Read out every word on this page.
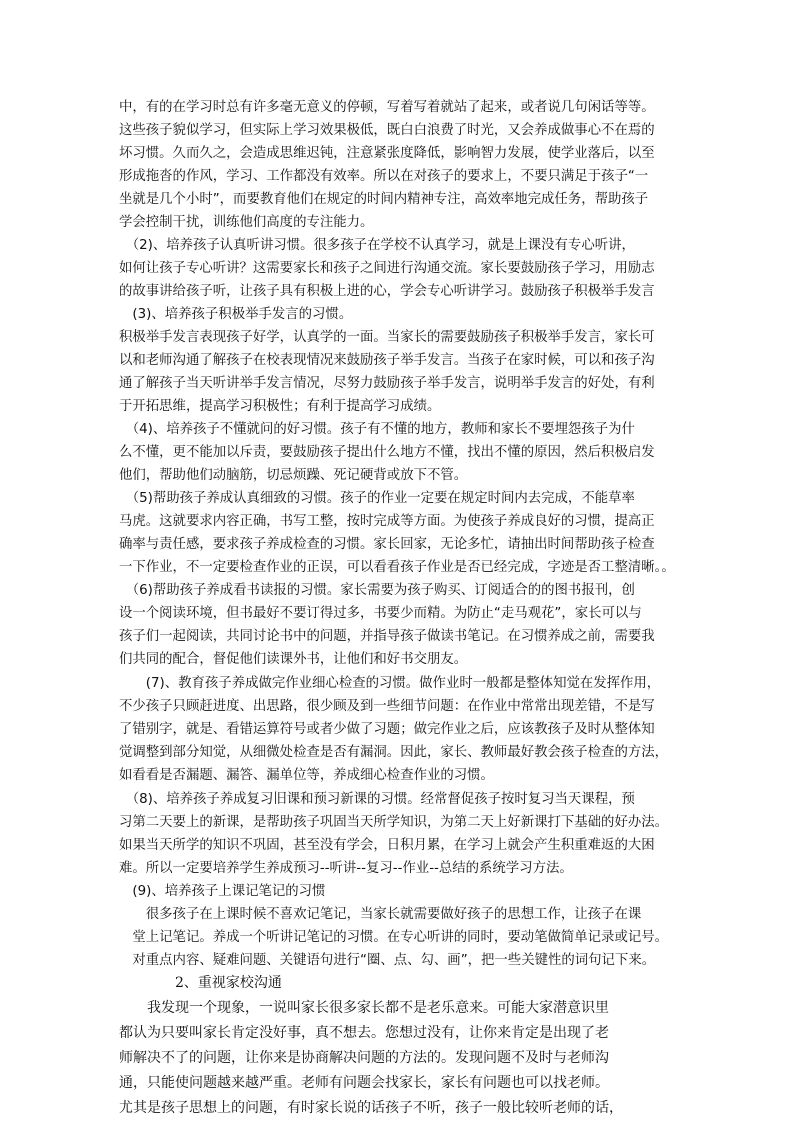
中，有的在学习时总有许多毫无意义的停顿，写着写着就站了起来，或者说几句闲话等等。
这些孩子貌似学习，但实际上学习效果极低，既白白浪费了时光，又会养成做事心不在焉的
坏习惯。久而久之，会造成思维迟钝，注意紧张度降低，影响智力发展，使学业落后，以至
形成拖沓的作风，学习、工作都没有效率。所以在对孩子的要求上，不要只满足于孩子“一
坐就是几个小时”，而要教育他们在规定的时间内精神专注，高效率地完成任务，帮助孩子
学会控制干扰，训练他们高度的专注能力。
　（2)、培养孩子认真听讲习惯。很多孩子在学校不认真学习，就是上课没有专心听讲，
如何让孩子专心听讲？这需要家长和孩子之间进行沟通交流。家长要鼓励孩子学习，用励志
的故事讲给孩子听，让孩子具有积极上进的心，学会专心听讲学习。鼓励孩子积极举手发言
　(3)、培养孩子积极举手发言的习惯。
积极举手发言表现孩子好学，认真学的一面。当家长的需要鼓励孩子积极举手发言，家长可
以和老师沟通了解孩子在校表现情况来鼓励孩子举手发言。当孩子在家时候，可以和孩子沟
通了解孩子当天听讲举手发言情况，尽努力鼓励孩子举手发言，说明举手发言的好处，有利
于开拓思维，提高学习积极性；有利于提高学习成绩。
　（4)、培养孩子不懂就问的好习惯。孩子有不懂的地方，教师和家长不要埋怨孩子为什
么不懂，更不能加以斥责，要鼓励孩子提出什么地方不懂，找出不懂的原因，然后积极启发
他们，帮助他们动脑筋，切忌烦躁、死记硬背或放下不管。
　（5)帮助孩子养成认真细致的习惯。孩子的作业一定要在规定时间内去完成，不能草率
马虎。这就要求内容正确，书写工整，按时完成等方面。为使孩子养成良好的习惯，提高正
确率与责任感，要求孩子养成检查的习惯。家长回家，无论多忙，请抽出时间帮助孩子检查
一下作业，不一定要检查作业的正误，可以看看孩子作业是否已经完成，字迹是否工整清晰。。
　（6)帮助孩子养成看书读报的习惯。家长需要为孩子购买、订阅适合的的图书报刊，创
设一个阅读环境，但书最好不要订得过多，书要少而精。为防止“走马观花”，家长可以与
孩子们一起阅读，共同讨论书中的问题，并指导孩子做读书笔记。在习惯养成之前，需要我
们共同的配合，督促他们读课外书，让他们和好书交朋友。
　　(7)、教育孩子养成做完作业细心检查的习惯。做作业时一般都是整体知觉在发挥作用，
不少孩子只顾赶进度、出思路，很少顾及到一些细节问题：在作业中常常出现差错，不是写
了错别字，就是、看错运算符号或者少做了习题；做完作业之后，应该教孩子及时从整体知
觉调整到部分知觉，从细微处检查是否有漏洞。因此，家长、教师最好教会孩子检查的方法，
如看看是否漏题、漏答、漏单位等，养成细心检查作业的习惯。
　（8)、培养孩子养成复习旧课和预习新课的习惯。经常督促孩子按时复习当天课程，预
习第二天要上的新课，是帮助孩子巩固当天所学知识，为第二天上好新课打下基础的好办法。
如果当天所学的知识不巩固，甚至没有学会，日积月累，在学习上就会产生积重难返的大困
难。所以一定要培养学生养成预习--听讲--复习--作业--总结的系统学习方法。
　(9)、培养孩子上课记笔记的习惯
　　很多孩子在上课时候不喜欢记笔记，当家长就需要做好孩子的思想工作，让孩子在课
　堂上记笔记。养成一个听讲记笔记的习惯。在专心听讲的同时，要动笔做简单记录或记号。
　对重点内容、疑难问题、关键语句进行“圈、点、勾、画”，把一些关键性的词句记下来。
　　　　2、重视家校沟通
　　我发现一个现象，一说叫家长很多家长都不是老乐意来。可能大家潜意识里
都认为只要叫家长肯定没好事，真不想去。您想过没有，让你来肯定是出现了老
师解决不了的问题，让你来是协商解决问题的方法的。发现问题不及时与老师沟
通，只能使问题越来越严重。老师有问题会找家长，家长有问题也可以找老师。
尤其是孩子思想上的问题，有时家长说的话孩子不听，孩子一般比较听老师的话，
